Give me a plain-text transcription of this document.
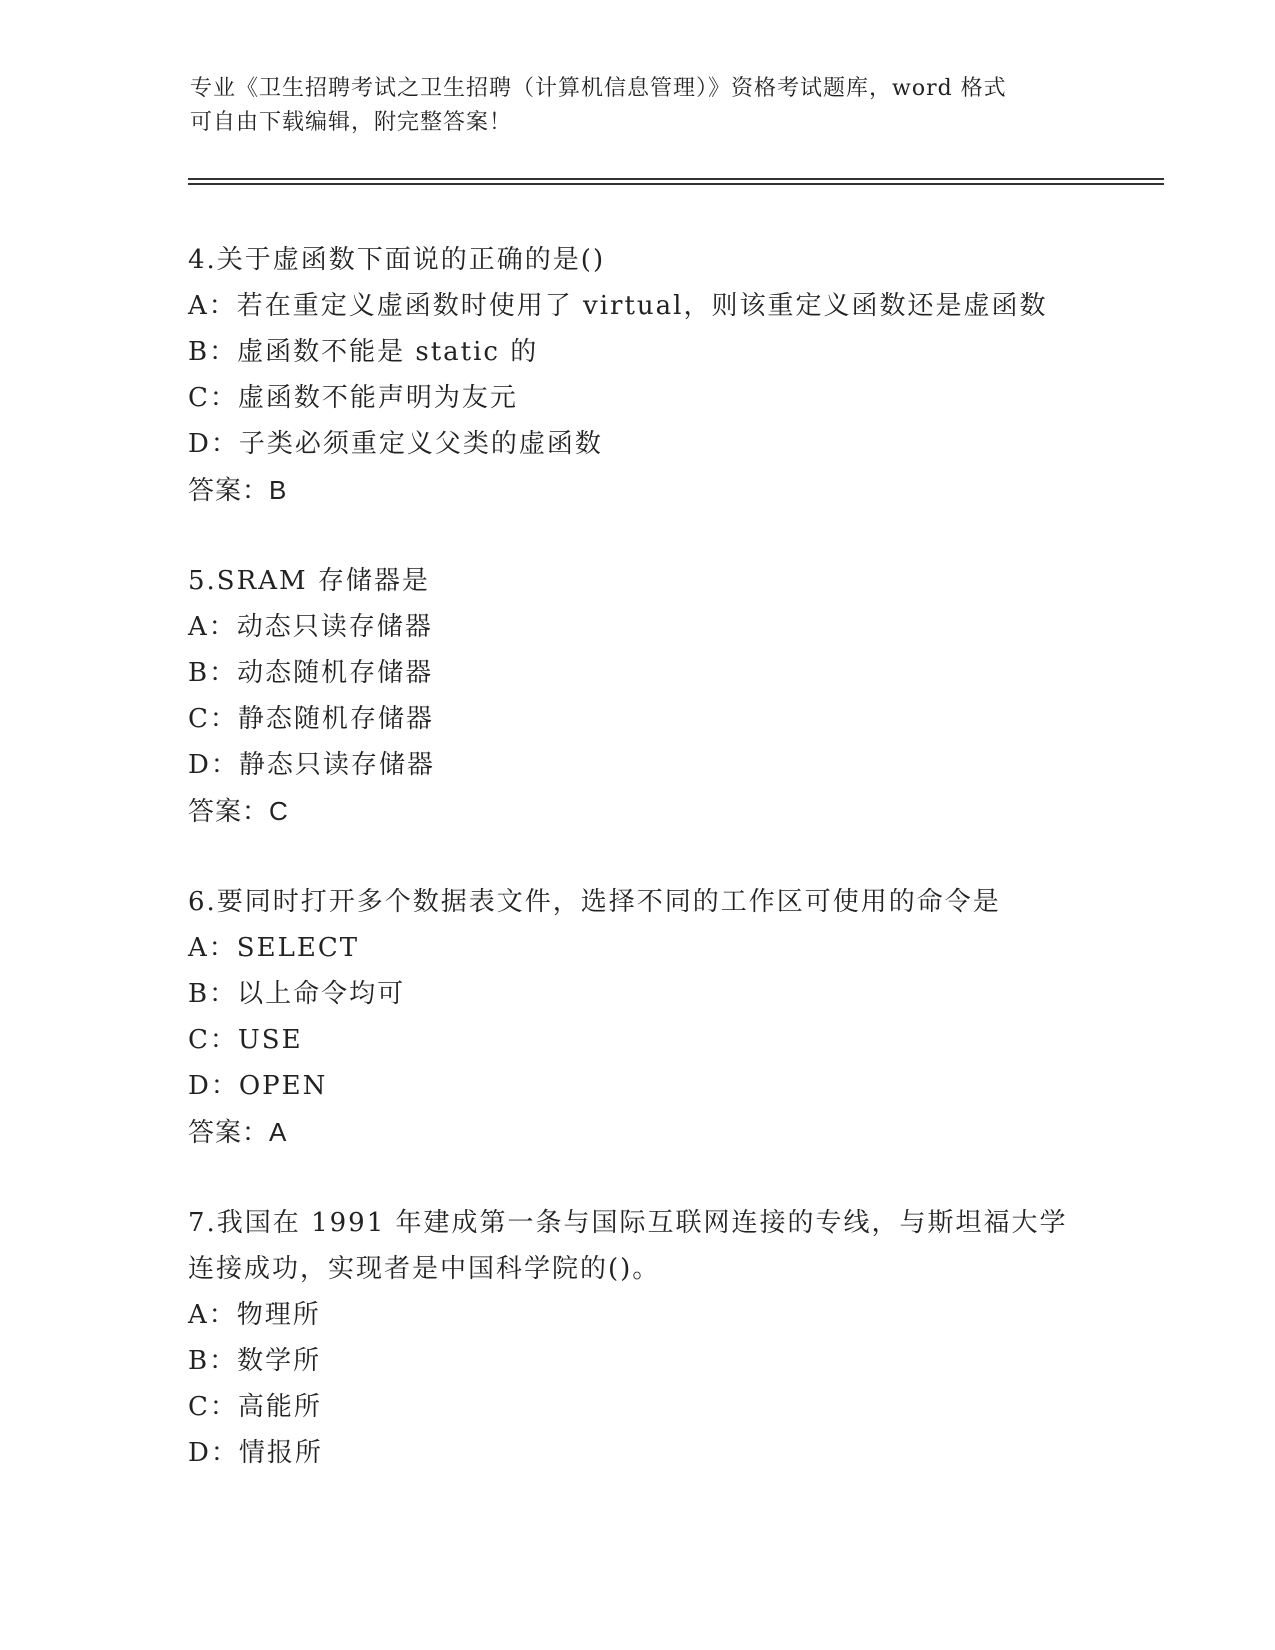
专业《卫生招聘考试之卫生招聘（计算机信息管理）》资格考试题库，word 格式
可自由下载编辑，附完整答案！
4.关于虚函数下面说的正确的是()
A：若在重定义虚函数时使用了 virtual，则该重定义函数还是虚函数
B：虚函数不能是 static 的
C：虚函数不能声明为友元
D：子类必须重定义父类的虚函数
答案：B
5.SRAM 存储器是
A：动态只读存储器
B：动态随机存储器
C：静态随机存储器
D：静态只读存储器
答案：C
6.要同时打开多个数据表文件，选择不同的工作区可使用的命令是
A：SELECT
B：以上命令均可
C：USE
D：OPEN
答案：A
7.我国在 1991 年建成第一条与国际互联网连接的专线，与斯坦福大学
连接成功，实现者是中国科学院的()。
A：物理所
B：数学所
C：高能所
D：情报所
